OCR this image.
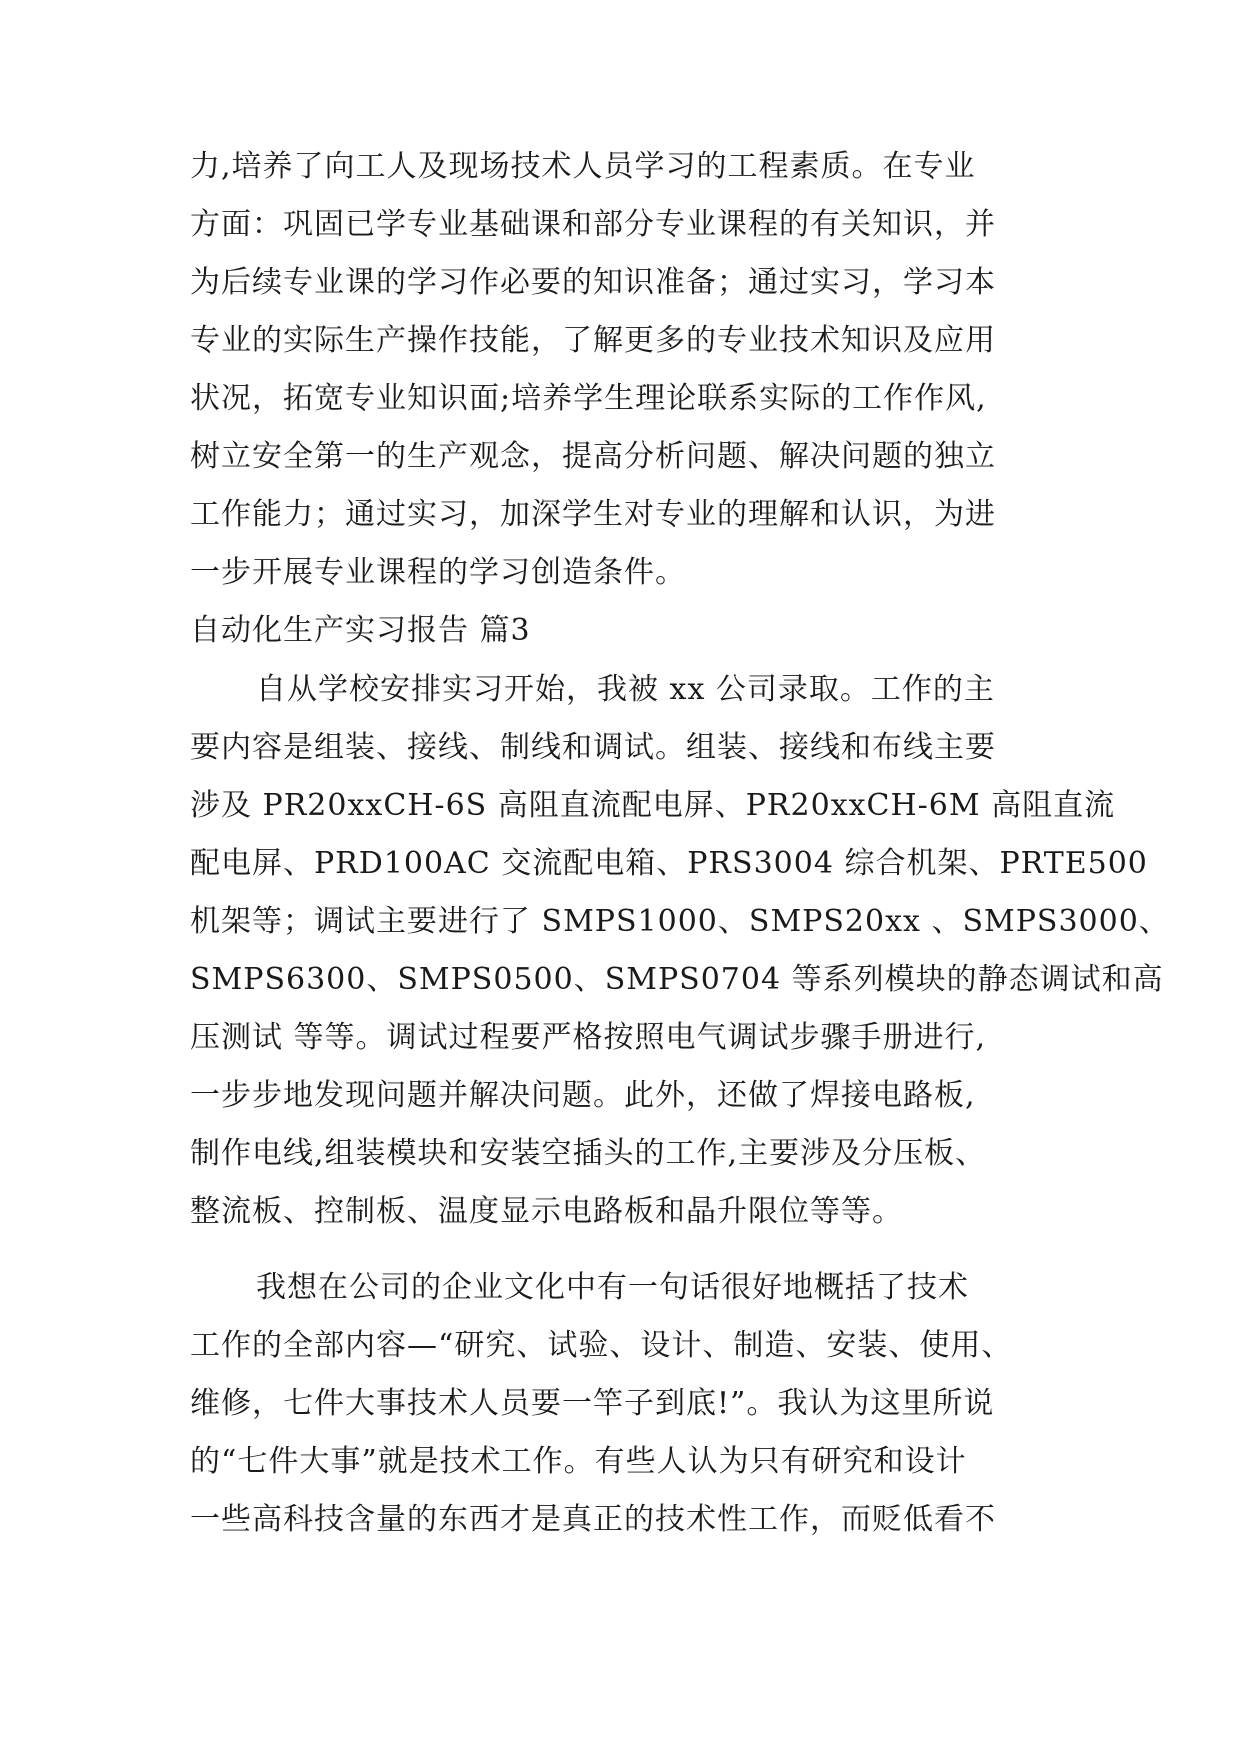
力,培养了向工人及现场技术人员学习的工程素质。在专业
方面：巩固已学专业基础课和部分专业课程的有关知识，并
为后续专业课的学习作必要的知识准备；通过实习，学习本
专业的实际生产操作技能，了解更多的专业技术知识及应用
状况，拓宽专业知识面;培养学生理论联系实际的工作作风,
树立安全第一的生产观念，提高分析问题、解决问题的独立
工作能力；通过实习，加深学生对专业的理解和认识，为进
一步开展专业课程的学习创造条件。
自动化生产实习报告 篇3
自从学校安排实习开始，我被 xx 公司录取。工作的主
要内容是组装、接线、制线和调试。组装、接线和布线主要
涉及 PR20xxCH-6S 高阻直流配电屏、PR20xxCH-6M 高阻直流
配电屏、PRD100AC 交流配电箱、PRS3004 综合机架、PRTE500
机架等；调试主要进行了 SMPS1000、SMPS20xx 、SMPS3000、
SMPS6300、SMPS0500、SMPS0704 等系列模块的静态调试和高
压测试 等等。调试过程要严格按照电气调试步骤手册进行,
一步步地发现问题并解决问题。此外，还做了焊接电路板,
制作电线,组装模块和安装空插头的工作,主要涉及分压板、
整流板、控制板、温度显示电路板和晶升限位等等。
我想在公司的企业文化中有一句话很好地概括了技术
工作的全部内容—“研究、试验、设计、制造、安装、使用、
维修，七件大事技术人员要一竿子到底!”。我认为这里所说
的“七件大事”就是技术工作。有些人认为只有研究和设计
一些高科技含量的东西才是真正的技术性工作，而贬低看不
